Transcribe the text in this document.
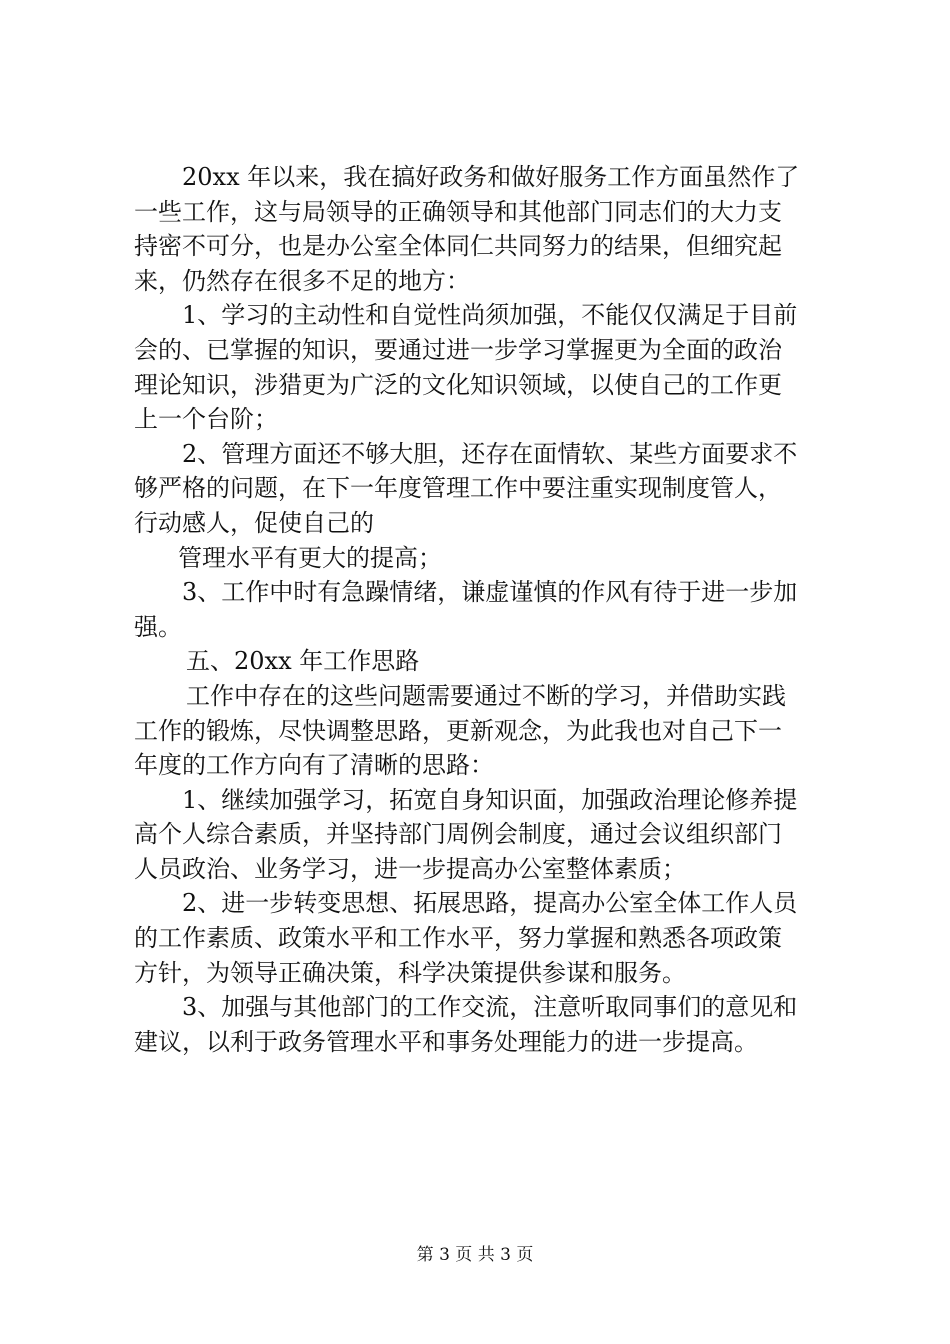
20xx 年以来，我在搞好政务和做好服务工作方面虽然作了
一些工作，这与局领导的正确领导和其他部门同志们的大力支
持密不可分，也是办公室全体同仁共同努力的结果，但细究起
来，仍然存在很多不足的地方：
1、学习的主动性和自觉性尚须加强，不能仅仅满足于目前
会的、已掌握的知识，要通过进一步学习掌握更为全面的政治
理论知识，涉猎更为广泛的文化知识领域，以使自己的工作更
上一个台阶；
2、管理方面还不够大胆，还存在面情软、某些方面要求不
够严格的问题，在下一年度管理工作中要注重实现制度管人，
行动感人，促使自己的
管理水平有更大的提高；
3、工作中时有急躁情绪，谦虚谨慎的作风有待于进一步加
强。
五、20xx 年工作思路
工作中存在的这些问题需要通过不断的学习，并借助实践
工作的锻炼，尽快调整思路，更新观念，为此我也对自己下一
年度的工作方向有了清晰的思路：
1、继续加强学习，拓宽自身知识面，加强政治理论修养提
高个人综合素质，并坚持部门周例会制度，通过会议组织部门
人员政治、业务学习，进一步提高办公室整体素质；
2、进一步转变思想、拓展思路，提高办公室全体工作人员
的工作素质、政策水平和工作水平，努力掌握和熟悉各项政策
方针，为领导正确决策，科学决策提供参谋和服务。
3、加强与其他部门的工作交流，注意听取同事们的意见和
建议，以利于政务管理水平和事务处理能力的进一步提高。
第 3 页 共 3 页
